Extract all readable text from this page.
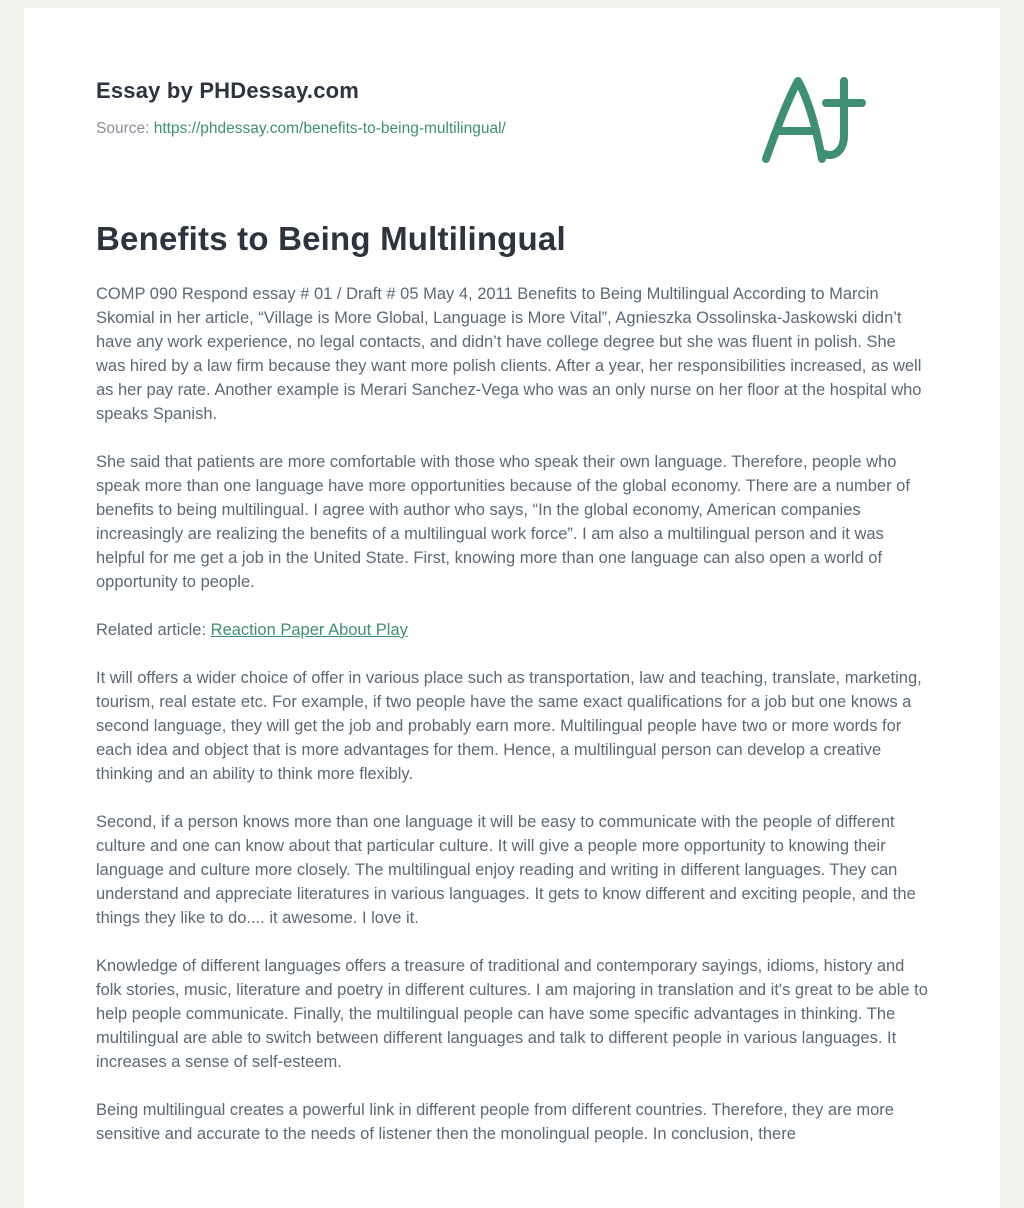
Essay by PHDessay.com
Source: https://phdessay.com/benefits-to-being-multilingual/
Benefits to Being Multilingual

COMP 090 Respond essay # 01 / Draft # 05 May 4, 2011 Benefits to Being Multilingual According to Marcin Skomial in her article, “Village is More Global, Language is More Vital”, Agnieszka Ossolinska-Jaskowski didn’t have any work experience, no legal contacts, and didn’t have college degree but she was fluent in polish. She was hired by a law firm because they want more polish clients. After a year, her responsibilities increased, as well as her pay rate. Another example is Merari Sanchez-Vega who was an only nurse on her floor at the hospital who speaks Spanish.

She said that patients are more comfortable with those who speak their own language. Therefore, people who speak more than one language have more opportunities because of the global economy. There are a number of benefits to being multilingual. I agree with author who says, “In the global economy, American companies increasingly are realizing the benefits of a multilingual work force”. I am also a multilingual person and it was helpful for me get a job in the United State. First, knowing more than one language can also open a world of opportunity to people.

Related article: Reaction Paper About Play

It will offers a wider choice of offer in various place such as transportation, law and teaching, translate, marketing, tourism, real estate etc. For example, if two people have the same exact qualifications for a job but one knows a second language, they will get the job and probably earn more. Multilingual people have two or more words for each idea and object that is more advantages for them. Hence, a multilingual person can develop a creative thinking and an ability to think more flexibly.

Second, if a person knows more than one language it will be easy to communicate with the people of different culture and one can know about that particular culture. It will give a people more opportunity to knowing their language and culture more closely. The multilingual enjoy reading and writing in different languages. They can understand and appreciate literatures in various languages. It gets to know different and exciting people, and the things they like to do.... it awesome. I love it.

Knowledge of different languages offers a treasure of traditional and contemporary sayings, idioms, history and folk stories, music, literature and poetry in different cultures. I am majoring in translation and it's great to be able to help people communicate. Finally, the multilingual people can have some specific advantages in thinking. The multilingual are able to switch between different languages and talk to different people in various languages. It increases a sense of self-esteem.

Being multilingual creates a powerful link in different people from different countries. Therefore, they are more sensitive and accurate to the needs of listener then the monolingual people. In conclusion, there
